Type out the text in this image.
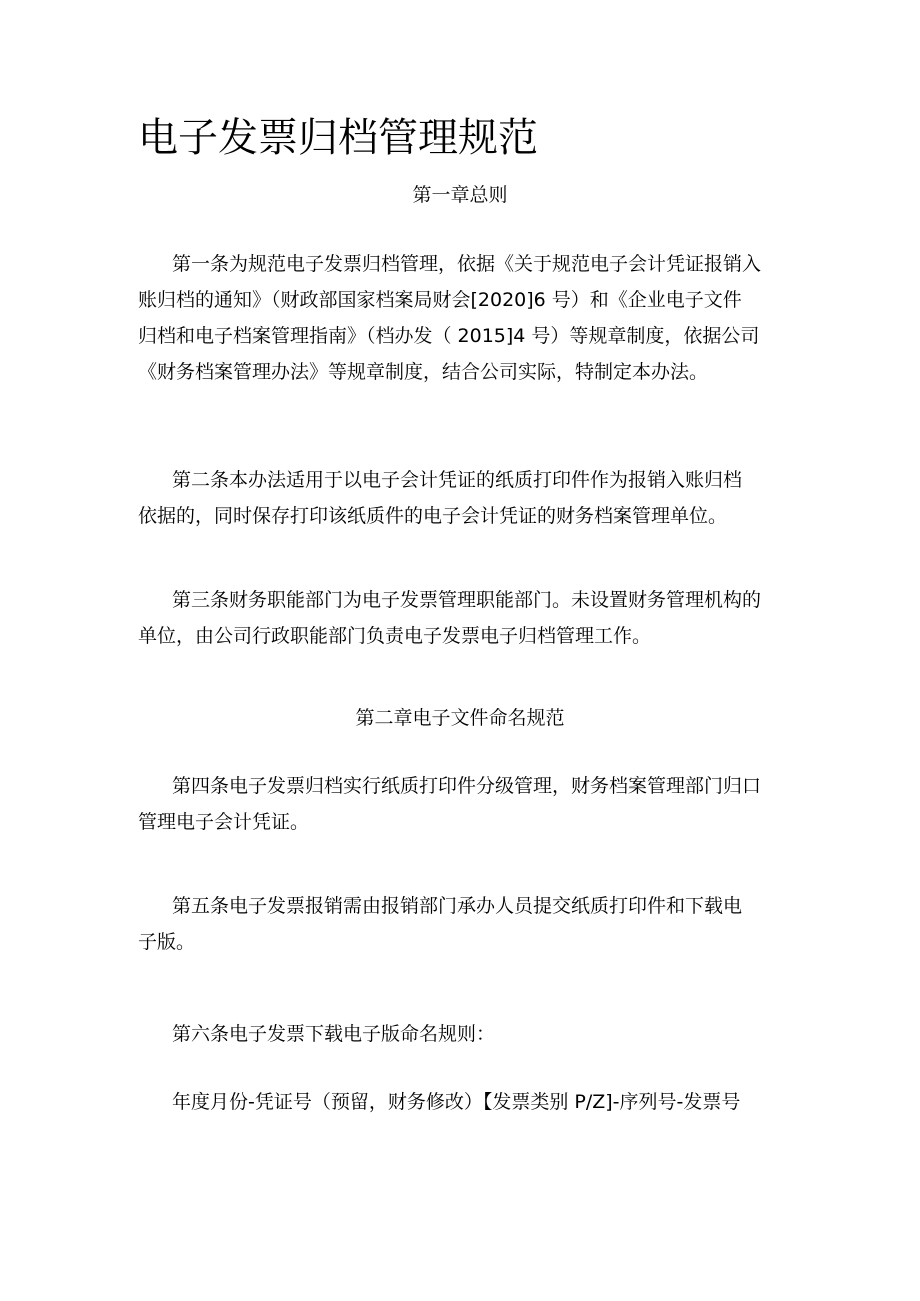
电子发票归档管理规范
第一章总则
第一条为规范电子发票归档管理，依据《关于规范电子会计凭证报销入
账归档的通知》（财政部国家档案局财会[2020]6 号）和《企业电子文件
归档和电子档案管理指南》（档办发（ 2015]4 号）等规章制度，依据公司
《财务档案管理办法》等规章制度，结合公司实际，特制定本办法。
第二条本办法适用于以电子会计凭证的纸质打印件作为报销入账归档
依据的，同时保存打印该纸质件的电子会计凭证的财务档案管理单位。
第三条财务职能部门为电子发票管理职能部门。未设置财务管理机构的
单位，由公司行政职能部门负责电子发票电子归档管理工作。
第二章电子文件命名规范
第四条电子发票归档实行纸质打印件分级管理，财务档案管理部门归口
管理电子会计凭证。
第五条电子发票报销需由报销部门承办人员提交纸质打印件和下载电
子版。
第六条电子发票下载电子版命名规则：
年度月份-凭证号（预留，财务修改）【发票类别 P/Z]-序列号-发票号
